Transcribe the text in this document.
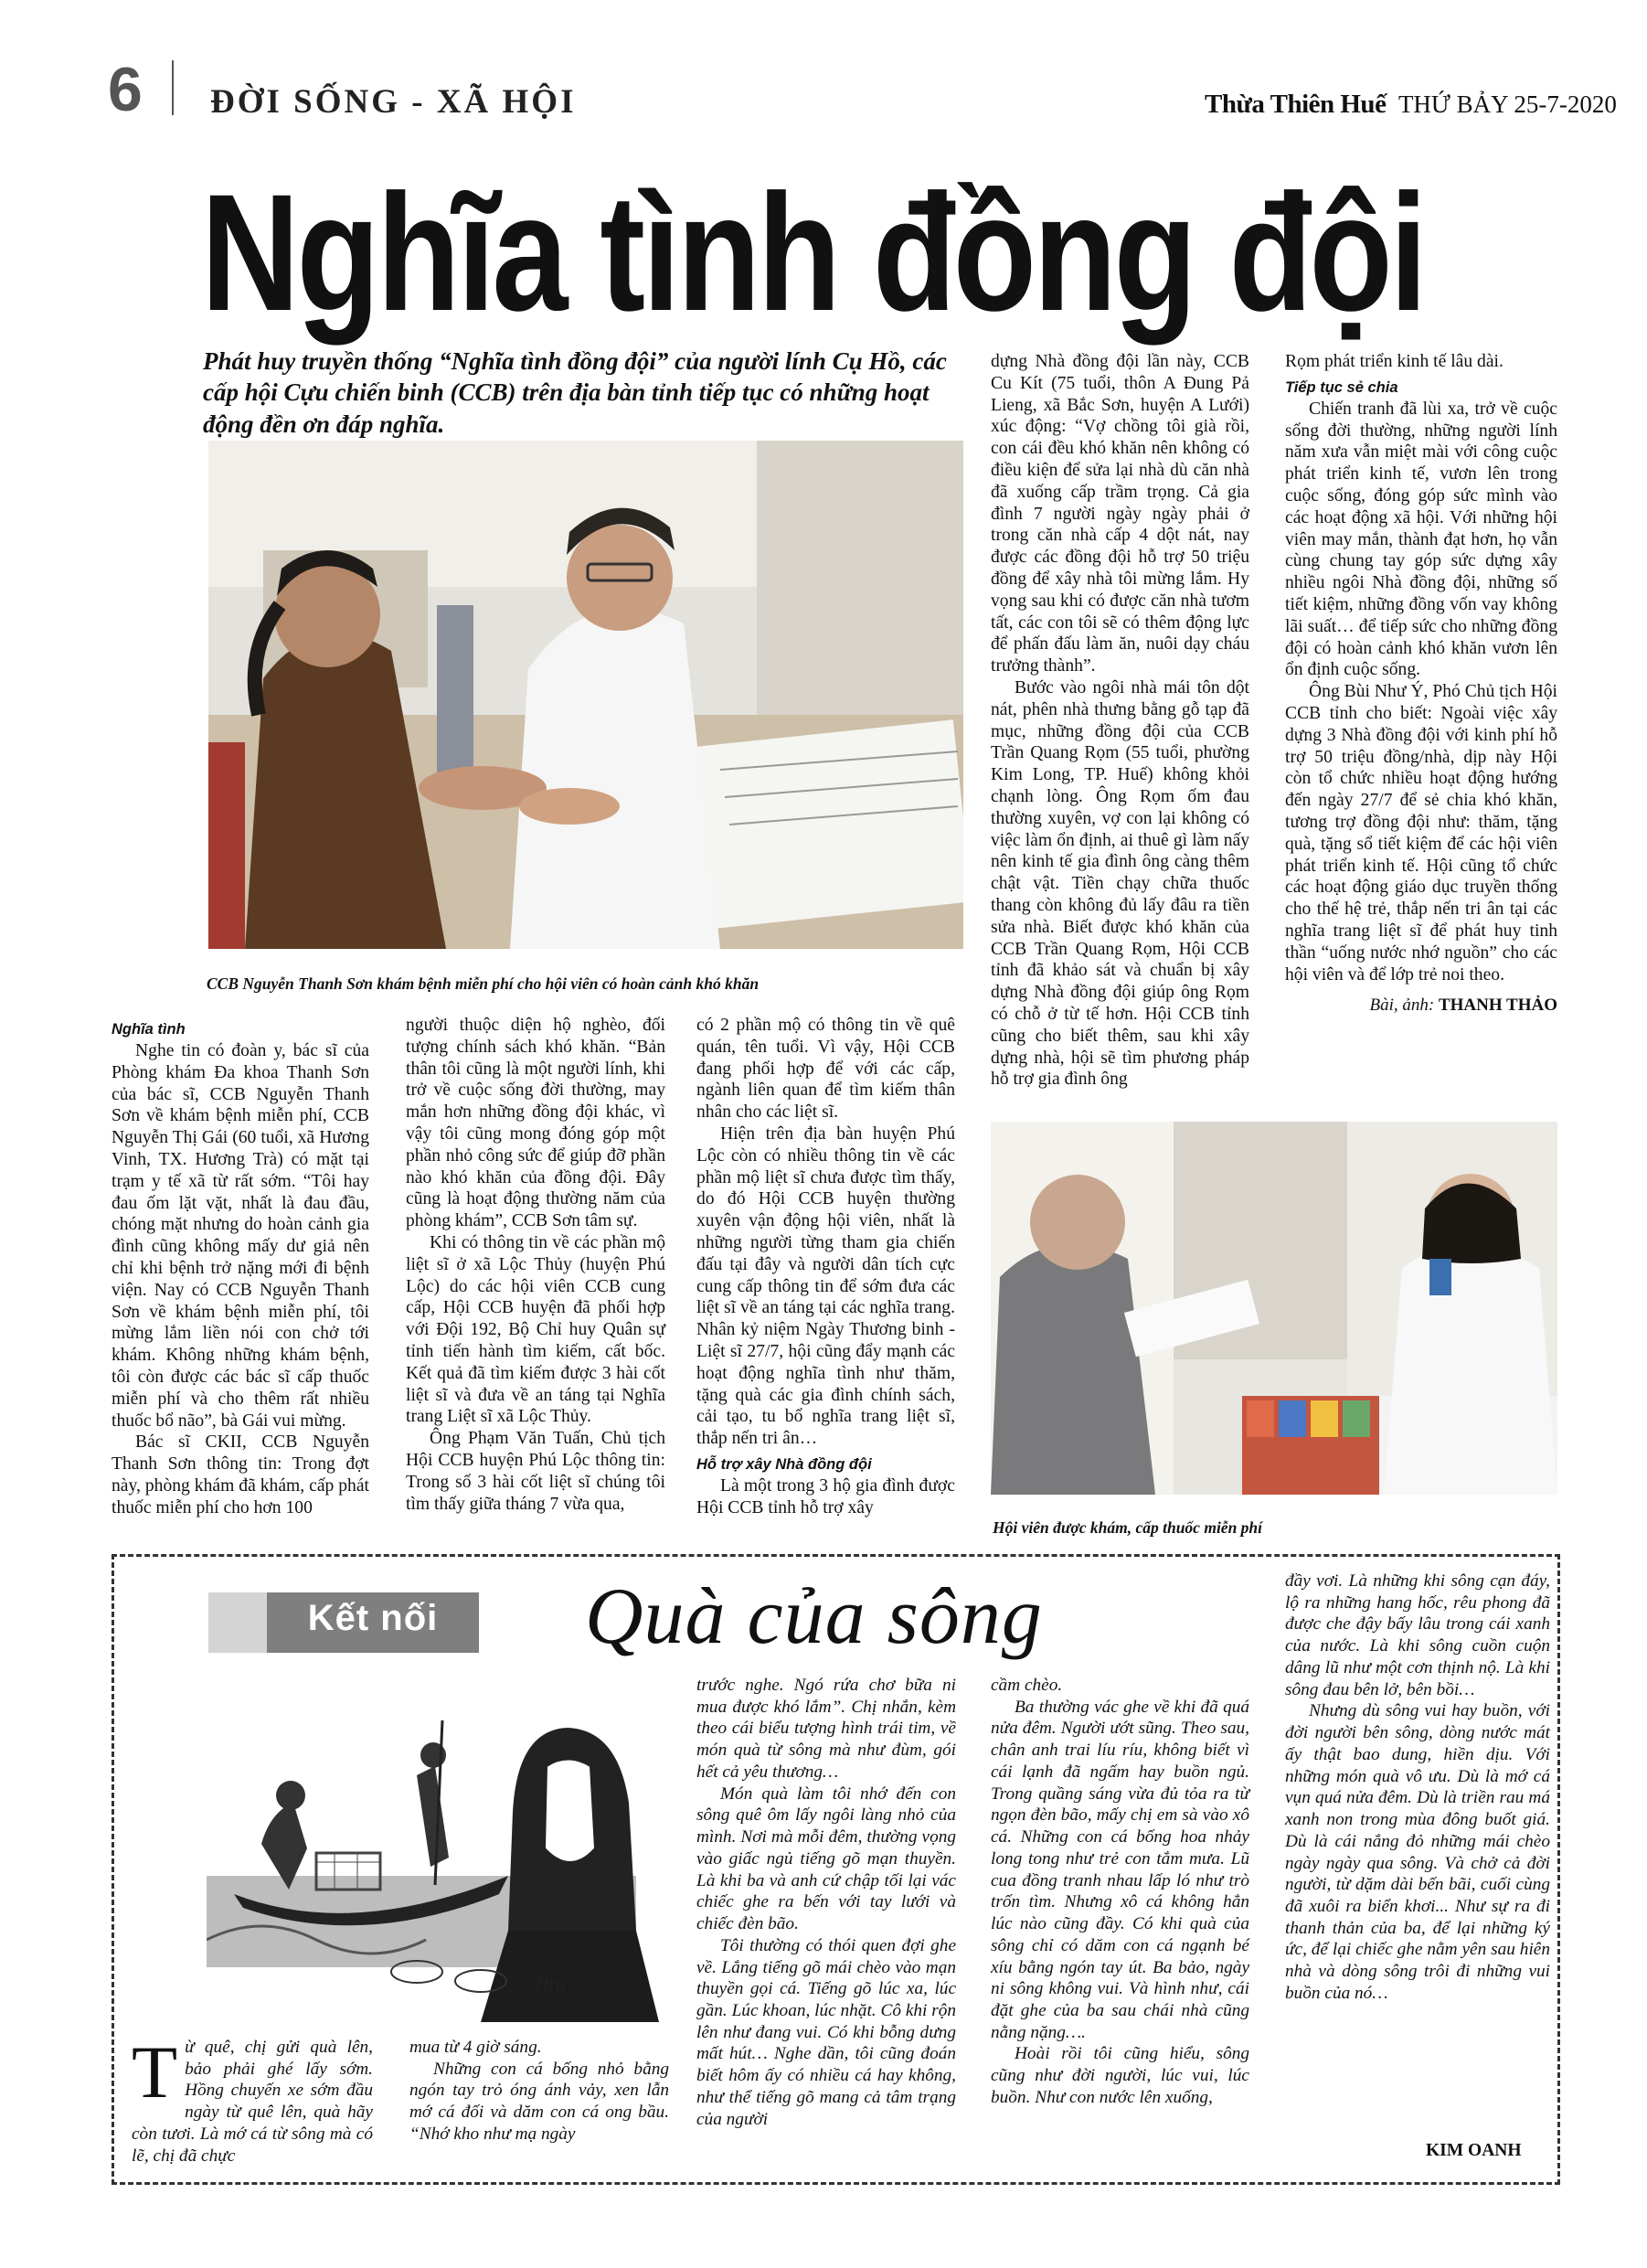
6 ĐỜI SỐNG - XÃ HỘI	Thừa Thiên Huế THỨ BẢY 25-7-2020
Nghĩa tình đồng đội
Phát huy truyền thống “Nghĩa tình đồng đội” của người lính Cụ Hồ, các cấp hội Cựu chiến binh (CCB) trên địa bàn tỉnh tiếp tục có những hoạt động đền ơn đáp nghĩa.
CCB Nguyễn Thanh Sơn khám bệnh miễn phí cho hội viên có hoàn cảnh khó khăn
Nghĩa tình

Nghe tin có đoàn y, bác sĩ của Phòng khám Đa khoa Thanh Sơn của bác sĩ, CCB Nguyễn Thanh Sơn về khám bệnh miễn phí, CCB Nguyễn Thị Gái (60 tuổi, xã Hương Vinh, TX. Hương Trà) có mặt tại trạm y tế xã từ rất sớm. “Tôi hay đau ốm lặt vặt, nhất là đau đầu, chóng mặt nhưng do hoàn cảnh gia đình cũng không mấy dư giả nên chỉ khi bệnh trở nặng mới đi bệnh viện. Nay có CCB Nguyễn Thanh Sơn về khám bệnh miễn phí, tôi mừng lắm liền nói con chở tới khám. Không những khám bệnh, tôi còn được các bác sĩ cấp thuốc miễn phí và cho thêm rất nhiều thuốc bổ não”, bà Gái vui mừng.

Bác sĩ CKII, CCB Nguyễn Thanh Sơn thông tin: Trong đợt này, phòng khám đã khám, cấp phát thuốc miễn phí cho hơn 100

người thuộc diện hộ nghèo, đối tượng chính sách khó khăn. “Bản thân tôi cũng là một người lính, khi trở về cuộc sống đời thường, may mắn hơn những đồng đội khác, vì vậy tôi cũng mong đóng góp một phần nhỏ công sức để giúp đỡ phần nào khó khăn của đồng đội. Đây cũng là hoạt động thường năm của phòng khám”, CCB Sơn tâm sự.

Khi có thông tin về các phần mộ liệt sĩ ở xã Lộc Thủy (huyện Phú Lộc) do các hội viên CCB cung cấp, Hội CCB huyện đã phối hợp với Đội 192, Bộ Chỉ huy Quân sự tỉnh tiến hành tìm kiếm, cất bốc. Kết quả đã tìm kiếm được 3 hài cốt liệt sĩ và đưa về an táng tại Nghĩa trang Liệt sĩ xã Lộc Thủy.

Ông Phạm Văn Tuấn, Chủ tịch Hội CCB huyện Phú Lộc thông tin: Trong số 3 hài cốt liệt sĩ chúng tôi tìm thấy giữa tháng 7 vừa qua,

có 2 phần mộ có thông tin về quê quán, tên tuổi. Vì vậy, Hội CCB đang phối hợp để với các cấp, ngành liên quan để tìm kiếm thân nhân cho các liệt sĩ.

Hiện trên địa bàn huyện Phú Lộc còn có nhiều thông tin về các phần mộ liệt sĩ chưa được tìm thấy, do đó Hội CCB huyện thường xuyên vận động hội viên, nhất là những người từng tham gia chiến đấu tại đây và người dân tích cực cung cấp thông tin để sớm đưa các liệt sĩ về an táng tại các nghĩa trang. Nhân kỷ niệm Ngày Thương binh - Liệt sĩ 27/7, hội cũng đẩy mạnh các hoạt động nghĩa tình như thăm, tặng quà các gia đình chính sách, cải tạo, tu bổ nghĩa trang liệt sĩ, thắp nến tri ân…

Hỗ trợ xây Nhà đồng đội

Là một trong 3 hộ gia đình được Hội CCB tỉnh hỗ trợ xây

dựng Nhà đồng đội lần này, CCB Cu Kít (75 tuổi, thôn A Đung Pả Lieng, xã Bắc Sơn, huyện A Lưới) xúc động: “Vợ chồng tôi già rồi, con cái đều khó khăn nên không có điều kiện để sửa lại nhà dù căn nhà đã xuống cấp trầm trọng. Cả gia đình 7 người ngày ngày phải ở trong căn nhà cấp 4 dột nát, nay được các đồng đội hỗ trợ 50 triệu đồng để xây nhà tôi mừng lắm. Hy vọng sau khi có được căn nhà tươm tất, các con tôi sẽ có thêm động lực để phấn đấu làm ăn, nuôi dạy cháu trưởng thành”.

Bước vào ngôi nhà mái tôn dột nát, phên nhà thưng bằng gỗ tạp đã mục, những đồng đội của CCB Trần Quang Rọm (55 tuổi, phường Kim Long, TP. Huế) không khỏi chạnh lòng. Ông Rọm ốm đau thường xuyên, vợ con lại không có việc làm ổn định, ai thuê gì làm nấy nên kinh tế gia đình ông càng thêm chật vật. Tiền chạy chữa thuốc thang còn không đủ lấy đâu ra tiền sửa nhà. Biết được khó khăn của CCB Trần Quang Rọm, Hội CCB tỉnh đã khảo sát và chuẩn bị xây dựng Nhà đồng đội giúp ông Rọm có chỗ ở từ tế hơn. Hội CCB tỉnh cũng cho biết thêm, sau khi xây dựng nhà, hội sẽ tìm phương pháp hỗ trợ gia đình ông

Rọm phát triển kinh tế lâu dài.

Tiếp tục sẻ chia

Chiến tranh đã lùi xa, trở về cuộc sống đời thường, những người lính năm xưa vẫn miệt mài với công cuộc phát triển kinh tế, vươn lên trong cuộc sống, đóng góp sức mình vào các hoạt động xã hội. Với những hội viên may mắn, thành đạt hơn, họ vẫn cùng chung tay góp sức dựng xây nhiều ngôi Nhà đồng đội, những số tiết kiệm, những đồng vốn vay không lãi suất… để tiếp sức cho những đồng đội có hoàn cảnh khó khăn vươn lên ổn định cuộc sống.

Ông Bùi Như Ý, Phó Chủ tịch Hội CCB tỉnh cho biết: Ngoài việc xây dựng 3 Nhà đồng đội với kinh phí hỗ trợ 50 triệu đồng/nhà, dịp này Hội còn tổ chức nhiều hoạt động hướng đến ngày 27/7 để sẻ chia khó khăn, tương trợ đồng đội như: thăm, tặng quà, tặng sổ tiết kiệm để các hội viên phát triển kinh tế. Hội cũng tổ chức các hoạt động giáo dục truyền thống cho thế hệ trẻ, thắp nến tri ân tại các nghĩa trang liệt sĩ để phát huy tinh thần “uống nước nhớ nguồn” cho các hội viên và để lớp trẻ noi theo.

Bài, ảnh: THANH THẢO
Hội viên được khám, cấp thuốc miễn phí
Kết nối	Quà của sông
thu
Từ quê, chị gửi quà lên, bảo phải ghé lấy sớm. Hồng chuyến xe sớm đầu ngày từ quê lên, quà hãy còn tươi. Là mớ cá từ sông mà có lẽ, chị đã chực

mua từ 4 giờ sáng.

Những con cá bống nhỏ bằng ngón tay trỏ óng ánh vảy, xen lẫn mớ cá đối và dăm con cá ong bầu. “Nhớ kho như mạ ngày

trước nghe. Ngó rứa chơ bữa ni mua được khó lắm”. Chị nhắn, kèm theo cái biểu tượng hình trái tim, về món quà từ sông mà như đùm, gói hết cả yêu thương…

Món quà làm tôi nhớ đến con sông quê ôm lấy ngôi làng nhỏ của mình. Nơi mà mỗi đêm, thường vọng vào giấc ngủ tiếng gõ mạn thuyền. Là khi ba và anh cứ chập tối lại vác chiếc ghe ra bến với tay lưới và chiếc đèn bão.

Tôi thường có thói quen đợi ghe về. Lắng tiếng gõ mái chèo vào mạn thuyền gọi cá. Tiếng gõ lúc xa, lúc gần. Lúc khoan, lúc nhặt. Cô khi rộn lên như đang vui. Có khi bỗng dưng mất hút… Nghe dần, tôi cũng đoán biết hôm ấy có nhiều cá hay không, như thể tiếng gõ mang cả tâm trạng của người

cầm chèo.

Ba thường vác ghe về khi đã quá nửa đêm. Người ướt sũng. Theo sau, chân anh trai líu ríu, không biết vì cái lạnh đã ngấm hay buồn ngủ. Trong quầng sáng vừa đủ tỏa ra từ ngọn đèn bão, mấy chị em sà vào xô cá. Những con cá bống hoa nhảy long tong như trẻ con tắm mưa. Lũ cua đồng tranh nhau lấp ló như trò trốn tìm. Nhưng xô cá không hẳn lúc nào cũng đầy. Có khi quà của sông chỉ có dăm con cá ngạnh bé xíu bằng ngón tay út. Ba bảo, ngày ni sông không vui. Và hình như, cái đặt ghe của ba sau chái nhà cũng nằng nặng….

Hoài rồi tôi cũng hiểu, sông cũng như đời người, lúc vui, lúc buồn. Như con nước lên xuống,

đầy vơi. Là những khi sông cạn đáy, lộ ra những hang hốc, rêu phong đã được che đậy bấy lâu trong cái xanh của nước. Là khi sông cuồn cuộn dâng lũ như một cơn thịnh nộ. Là khi sông đau bên lở, bên bồi…

Nhưng dù sông vui hay buồn, với đời người bên sông, dòng nước mát ấy thật bao dung, hiền dịu. Với những món quà vô ưu. Dù là mớ cá vụn quá nửa đêm. Dù là triền rau má xanh non trong mùa đông buốt giá. Dù là cái nắng đỏ những mái chèo ngày ngày qua sông. Và chở cả đời người, từ dặm dài bến bãi, cuối cùng đã xuôi ra biển khơi... Như sự ra đi thanh thản của ba, để lại những ký ức, để lại chiếc ghe nằm yên sau hiên nhà và dòng sông trôi đi những vui buồn của nó…

KIM OANH
